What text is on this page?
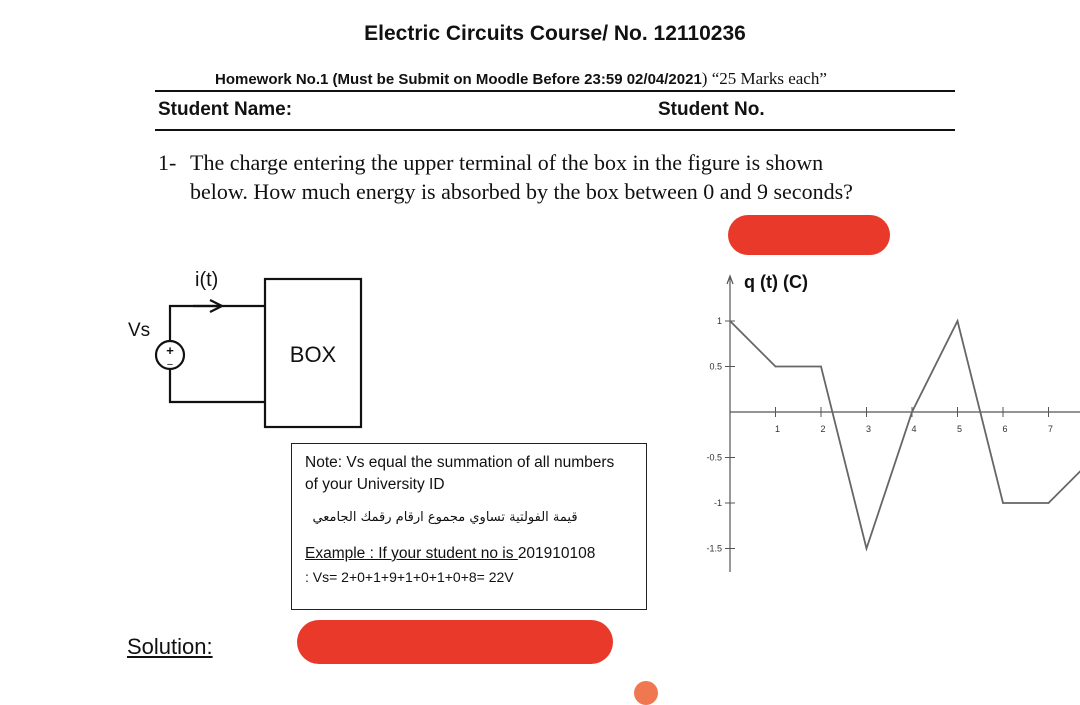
Electric Circuits Course/ No. 12110236
Homework No.1 (Must be Submit on Moodle Before 23:59 02/04/2021) “25 Marks each”
Student Name:	Student No.
1- The charge entering the upper terminal of the box in the figure is shown
below. How much energy is absorbed by the box between 0 and 9 seconds?
Vs
i(t)
+
−	BOX
Note: Vs equal the summation of all numbers of your University ID
قيمة الفولتية تساوي مجموع ارقام رقمك الجامعي
Example : If your student no is 201910108
: Vs= 2+0+1+9+1+0+1+0+8= 22V
1	2	3	4	5	6	7
1
0.5
-0.5
-1
-1.5
q (t) (C)
Solution:
